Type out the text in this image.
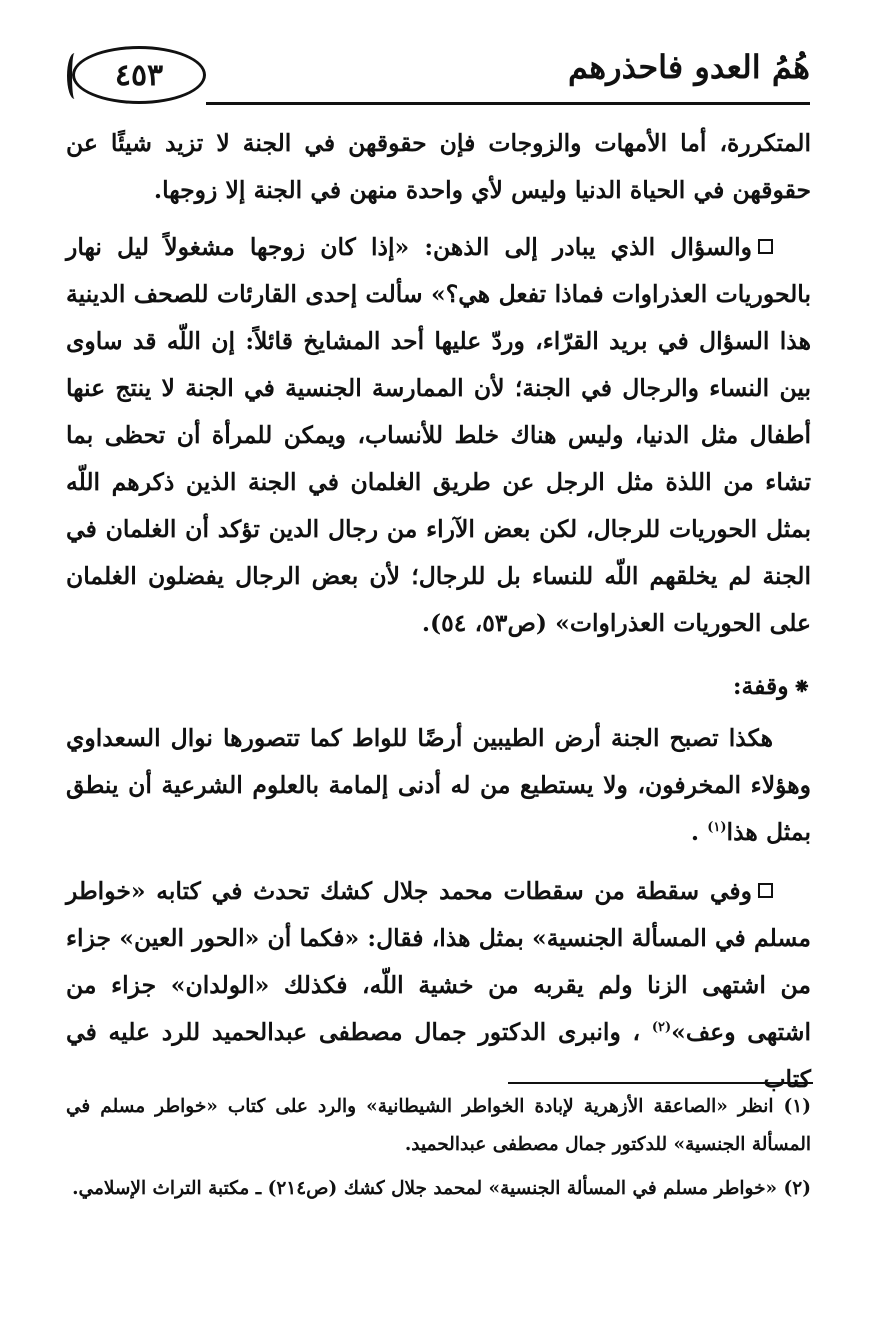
هُمُ العدو فاحذرهم
٤٥٣

المتكررة، أما الأمهات والزوجات فإن حقوقهن في الجنة لا تزيد شيئًا عن حقوقهن في الحياة الدنيا وليس لأي واحدة منهن في الجنة إلا زوجها.

والسؤال الذي يبادر إلى الذهن: «إذا كان زوجها مشغولاً ليل نهار بالحوريات العذراوات فماذا تفعل هي؟» سألت إحدى القارئات للصحف الدينية هذا السؤال في بريد القرّاء، وردّ عليها أحد المشايخ قائلاً: إن اللّه قد ساوى بين النساء والرجال في الجنة؛ لأن الممارسة الجنسية في الجنة لا ينتج عنها أطفال مثل الدنيا، وليس هناك خلط للأنساب، ويمكن للمرأة أن تحظى بما تشاء من اللذة مثل الرجل عن طريق الغلمان في الجنة الذين ذكرهم اللّه بمثل الحوريات للرجال، لكن بعض الآراء من رجال الدين تؤكد أن الغلمان في الجنة لم يخلقهم اللّه للنساء بل للرجال؛ لأن بعض الرجال يفضلون الغلمان على الحوريات العذراوات» (ص٥٣، ٥٤).

⁕وقفة:

هكذا تصبح الجنة أرض الطيبين أرضًا للواط كما تتصورها نوال السعداوي وهؤلاء المخرفون، ولا يستطيع من له أدنى إلمامة بالعلوم الشرعية أن ينطق بمثل هذا$^{(١)}$ .

وفي سقطة من سقطات محمد جلال كشك تحدث في كتابه «خواطر مسلم في المسألة الجنسية» بمثل هذا، فقال: «فكما أن «الحور العين» جزاء من اشتهى الزنا ولم يقربه من خشية اللّه، فكذلك «الولدان» جزاء من اشتهى وعف»$^{(٢)}$ ، وانبرى الدكتور جمال مصطفى عبدالحميد للرد عليه في كتاب

(١) انظر «الصاعقة الأزهرية لإبادة الخواطر الشيطانية» والرد على كتاب «خواطر مسلم في المسألة الجنسية» للدكتور جمال مصطفى عبدالحميد.

(٢) «خواطر مسلم في المسألة الجنسية» لمحمد جلال كشك (ص٢١٤) ـ مكتبة التراث الإسلامي.
